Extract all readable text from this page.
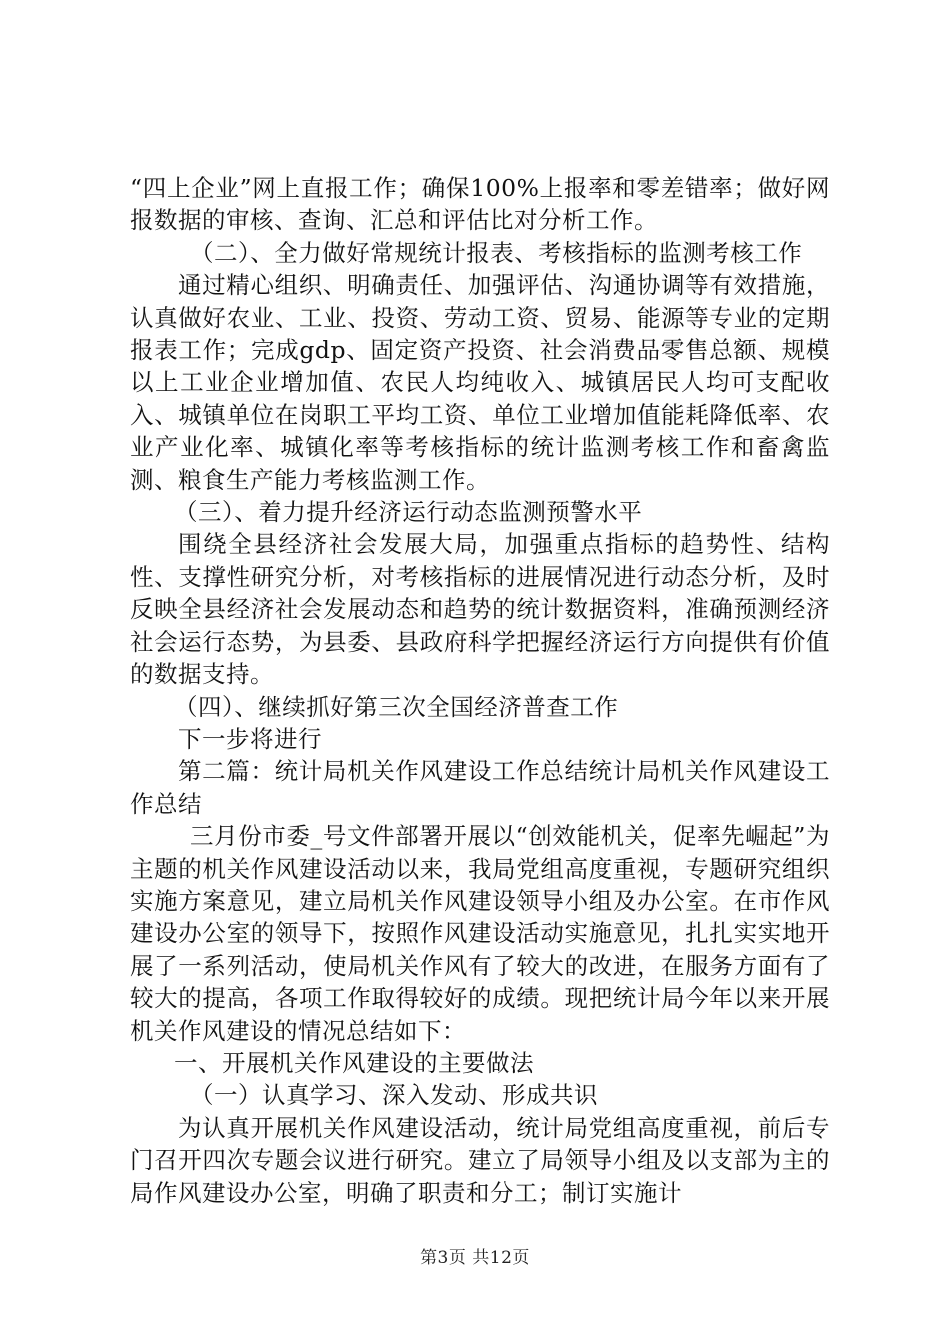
“四上企业”网上直报工作；确保100%上报率和零差错率；做好网报数据的审核、查询、汇总和评估比对分析工作。

（二）、全力做好常规统计报表、考核指标的监测考核工作

通过精心组织、明确责任、加强评估、沟通协调等有效措施，认真做好农业、工业、投资、劳动工资、贸易、能源等专业的定期报表工作；完成gdp、固定资产投资、社会消费品零售总额、规模以上工业企业增加值、农民人均纯收入、城镇居民人均可支配收入、城镇单位在岗职工平均工资、单位工业增加值能耗降低率、农业产业化率、城镇化率等考核指标的统计监测考核工作和畜禽监测、粮食生产能力考核监测工作。

（三）、着力提升经济运行动态监测预警水平

围绕全县经济社会发展大局，加强重点指标的趋势性、结构性、支撑性研究分析，对考核指标的进展情况进行动态分析，及时反映全县经济社会发展动态和趋势的统计数据资料，准确预测经济社会运行态势，为县委、县政府科学把握经济运行方向提供有价值的数据支持。

（四）、继续抓好第三次全国经济普查工作

下一步将进行

第二篇：统计局机关作风建设工作总结统计局机关作风建设工作总结

三月份市委_号文件部署开展以“创效能机关，促率先崛起”为主题的机关作风建设活动以来，我局党组高度重视，专题研究组织实施方案意见，建立局机关作风建设领导小组及办公室。在市作风建设办公室的领导下，按照作风建设活动实施意见，扎扎实实地开展了一系列活动，使局机关作风有了较大的改进，在服务方面有了较大的提高，各项工作取得较好的成绩。现把统计局今年以来开展机关作风建设的情况总结如下：

一、开展机关作风建设的主要做法

（一）认真学习、深入发动、形成共识

为认真开展机关作风建设活动，统计局党组高度重视，前后专门召开四次专题会议进行研究。建立了局领导小组及以支部为主的局作风建设办公室，明确了职责和分工；制订实施计

第3页 共12页
